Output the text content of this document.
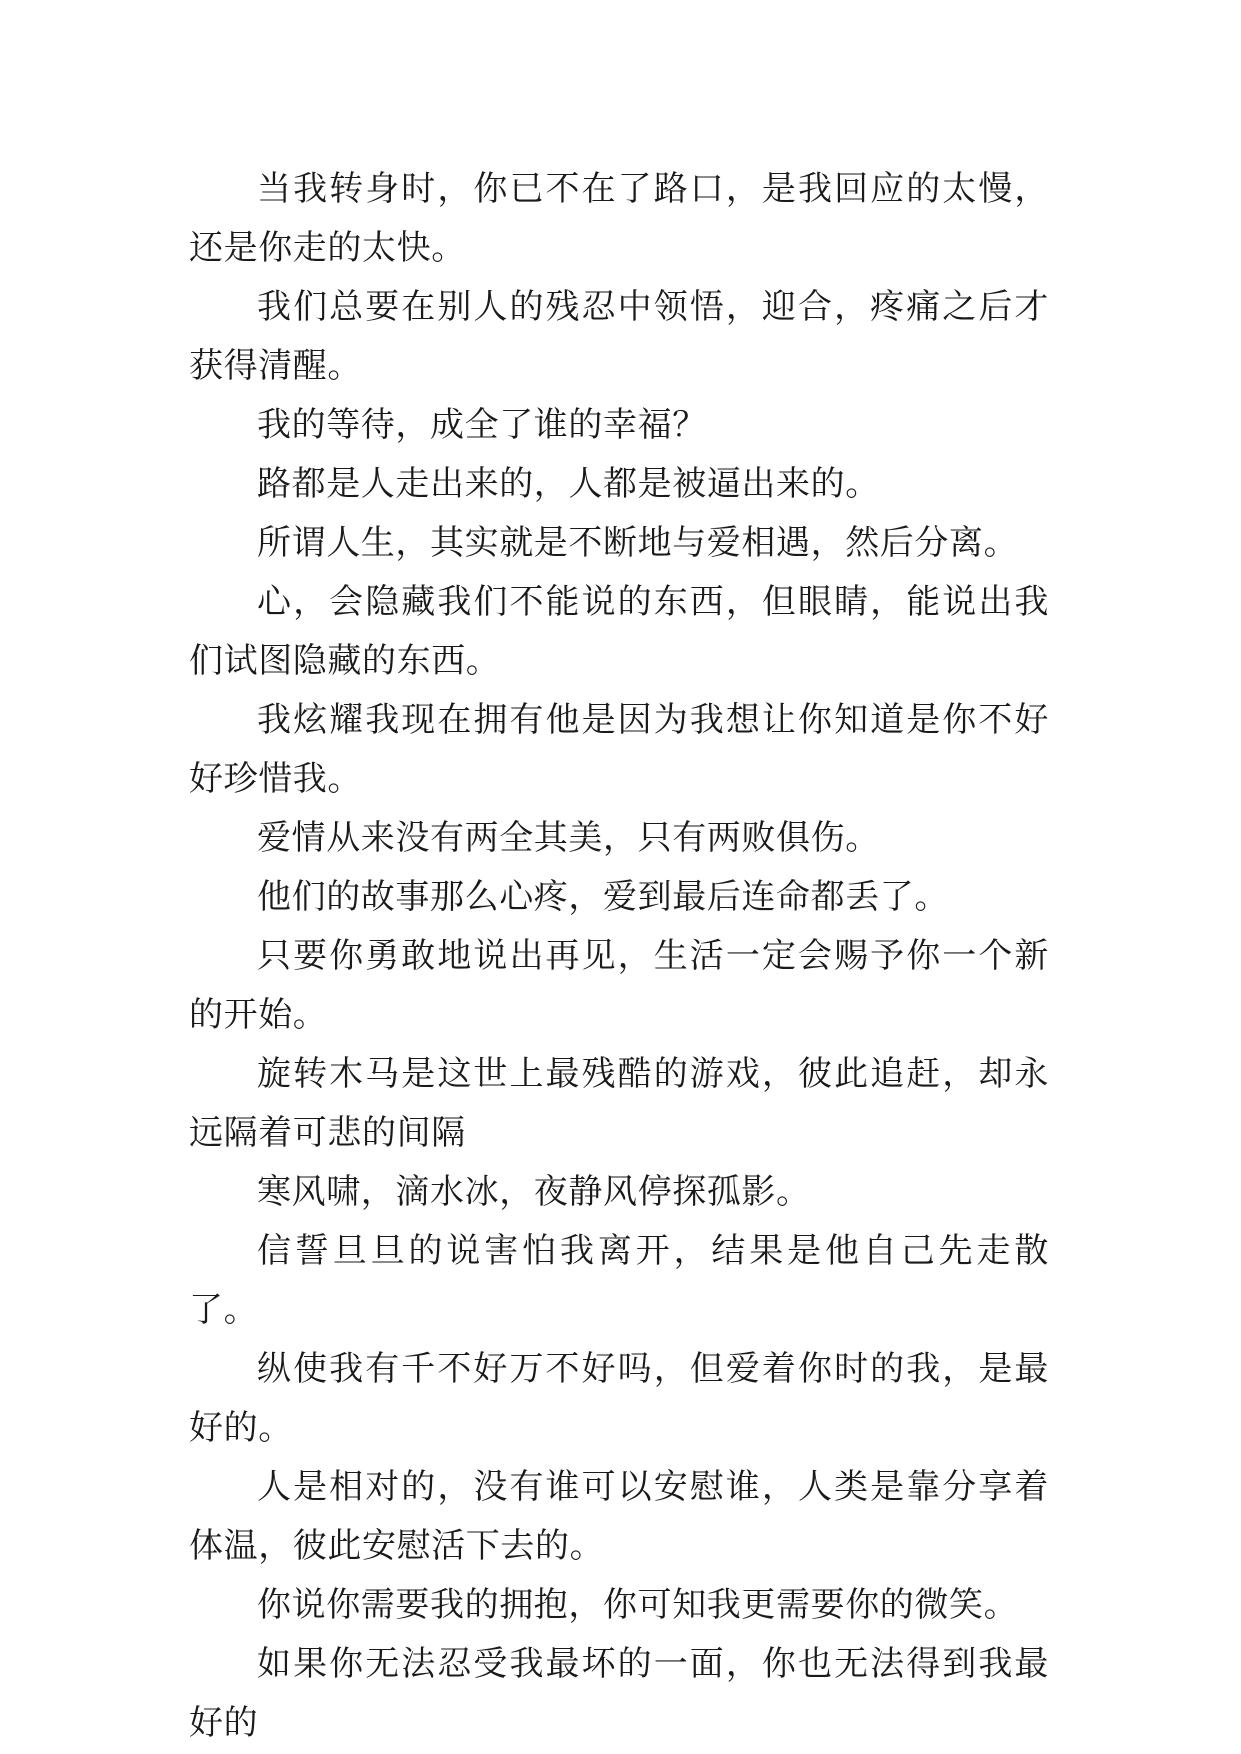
当我转身时，你已不在了路口，是我回应的太慢，还是你走的太快。

我们总要在别人的残忍中领悟，迎合，疼痛之后才获得清醒。

我的等待，成全了谁的幸福？

路都是人走出来的，人都是被逼出来的。

所谓人生，其实就是不断地与爱相遇，然后分离。

心，会隐藏我们不能说的东西，但眼睛，能说出我们试图隐藏的东西。

我炫耀我现在拥有他是因为我想让你知道是你不好好珍惜我。

爱情从来没有两全其美，只有两败俱伤。

他们的故事那么心疼，爱到最后连命都丢了。

只要你勇敢地说出再见，生活一定会赐予你一个新的开始。

旋转木马是这世上最残酷的游戏，彼此追赶，却永远隔着可悲的间隔

寒风啸，滴水冰，夜静风停探孤影。

信誓旦旦的说害怕我离开，结果是他自己先走散了。

纵使我有千不好万不好吗，但爱着你时的我，是最好的。

人是相对的，没有谁可以安慰谁，人类是靠分享着体温，彼此安慰活下去的。

你说你需要我的拥抱，你可知我更需要你的微笑。

如果你无法忍受我最坏的一面，你也无法得到我最好的
